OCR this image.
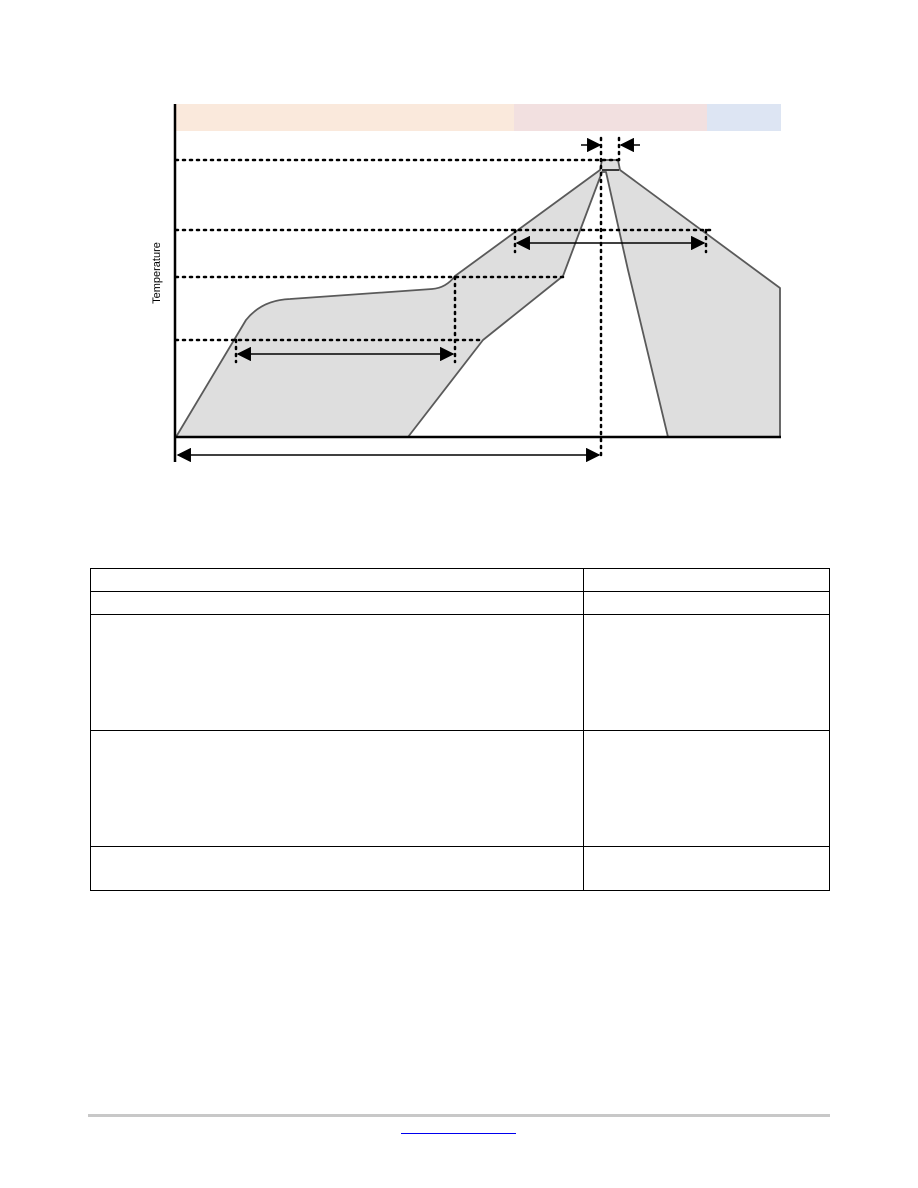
Temperature
